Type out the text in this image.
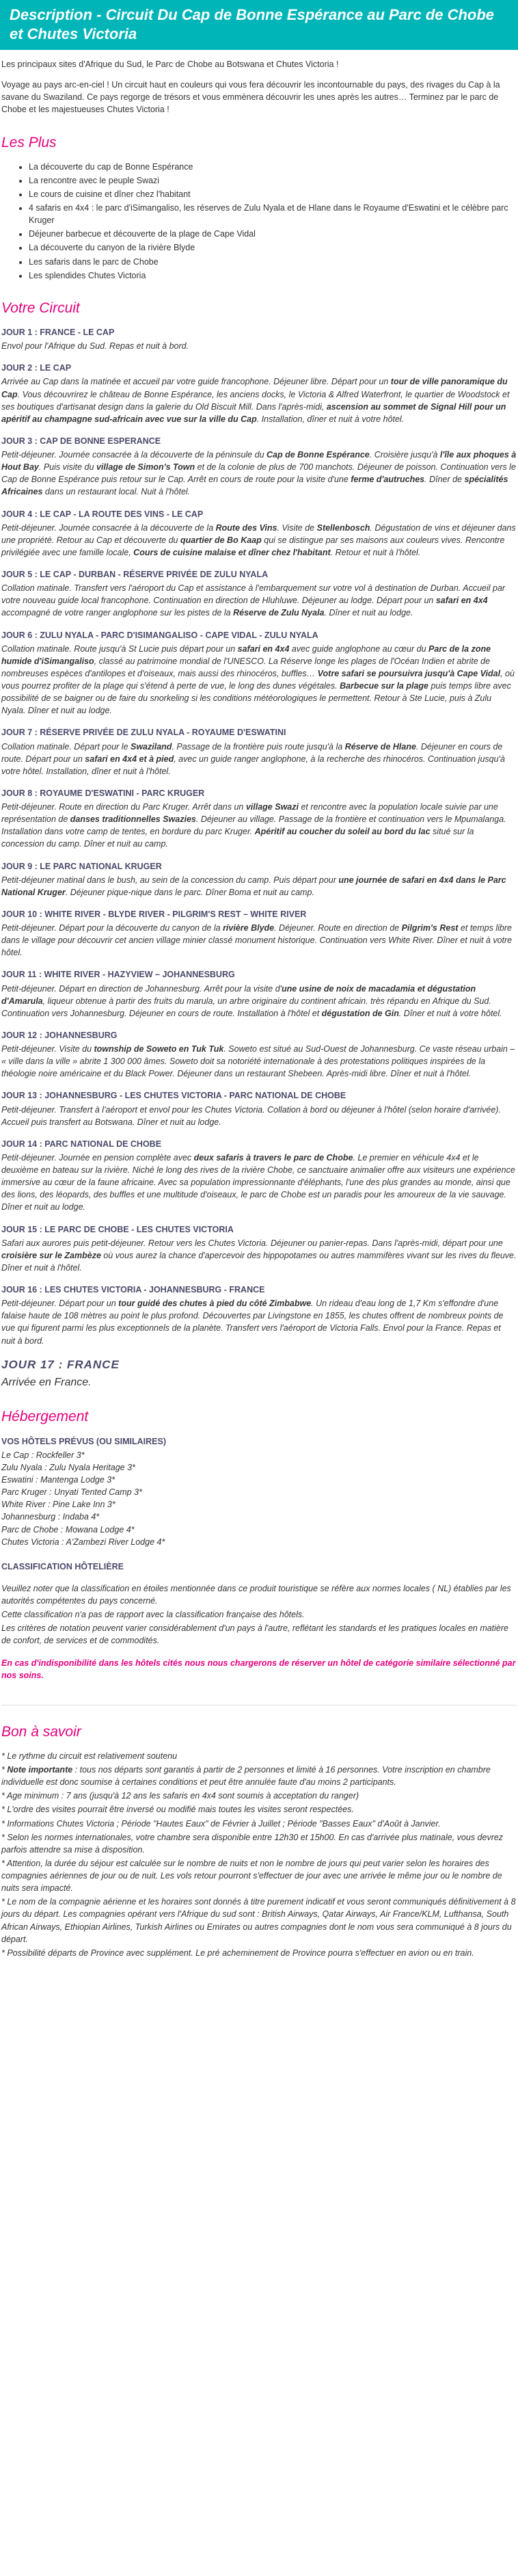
Description - Circuit Du Cap de Bonne Espérance au Parc de Chobe et Chutes Victoria

Les principaux sites d'Afrique du Sud, le Parc de Chobe au Botswana et Chutes Victoria !

Voyage au pays arc-en-ciel ! Un circuit haut en couleurs qui vous fera découvrir les incontournable du pays, des rivages du Cap à la savane du Swaziland. Ce pays regorge de trésors et vous emmènera découvrir les unes après les autres… Terminez par le parc de Chobe et les majestueuses Chutes Victoria !

Les Plus
• La découverte du cap de Bonne Espérance
• La rencontre avec le peuple Swazi
• Le cours de cuisine et dîner chez l'habitant
• 4 safaris en 4x4 : le parc d'iSimangaliso, les réserves de Zulu Nyala et de Hlane dans le Royaume d'Eswatini et le célèbre parc Kruger
• Déjeuner barbecue et découverte de la plage de Cape Vidal
• La découverte du canyon de la rivière Blyde
• Les safaris dans le parc de Chobe
• Les splendides Chutes Victoria
Votre Circuit
JOUR 1 : FRANCE - LE CAP
Envol pour l'Afrique du Sud. Repas et nuit à bord.
JOUR 2 : LE CAP
Arrivée au Cap dans la matinée et accueil par votre guide francophone. Déjeuner libre. Départ pour un tour de ville panoramique du Cap. Vous découvrirez le château de Bonne Espérance, les anciens docks, le Victoria & Alfred Waterfront, le quartier de Woodstock et ses boutiques d'artisanat design dans la galerie du Old Biscuit Mill. Dans l'après-midi, ascension au sommet de Signal Hill pour un apéritif au champagne sud-africain avec vue sur la ville du Cap. Installation, dîner et nuit à votre hôtel.
JOUR 3 : CAP DE BONNE ESPERANCE
Petit-déjeuner. Journée consacrée à la découverte de la péninsule du Cap de Bonne Espérance. Croisière jusqu'à l'île aux phoques à Hout Bay. Puis visite du village de Simon's Town et de la colonie de plus de 700 manchots. Déjeuner de poisson. Continuation vers le Cap de Bonne Espérance puis retour sur le Cap. Arrêt en cours de route pour la visite d'une ferme d'autruches. Dîner de spécialités Africaines dans un restaurant local. Nuit à l'hôtel.
JOUR 4 : LE CAP - LA ROUTE DES VINS - LE CAP
Petit-déjeuner. Journée consacrée à la découverte de la Route des Vins. Visite de Stellenbosch. Dégustation de vins et déjeuner dans une propriété. Retour au Cap et découverte du quartier de Bo Kaap qui se distingue par ses maisons aux couleurs vives. Rencontre privilégiée avec une famille locale, Cours de cuisine malaise et dîner chez l'habitant. Retour et nuit à l'hôtel.
JOUR 5 : LE CAP - DURBAN - RÉSERVE PRIVÉE DE ZULU NYALA
Collation matinale. Transfert vers l'aéroport du Cap et assistance à l'embarquement sur votre vol à destination de Durban. Accueil par votre nouveau guide local francophone. Continuation en direction de Hluhluwe. Déjeuner au lodge. Départ pour un safari en 4x4 accompagné de votre ranger anglophone sur les pistes de la Réserve de Zulu Nyala. Dîner et nuit au lodge.
JOUR 6 : ZULU NYALA - PARC D'ISIMANGALISO - CAPE VIDAL - ZULU NYALA
Collation matinale. Route jusqu'à St Lucie puis départ pour un safari en 4x4 avec guide anglophone au cœur du Parc de la zone humide d'iSimangaliso, classé au patrimoine mondial de l'UNESCO. La Réserve longe les plages de l'Océan Indien et abrite de nombreuses espèces d'antilopes et d'oiseaux, mais aussi des rhinocéros, buffles… Votre safari se poursuivra jusqu'à Cape Vidal, où vous pourrez profiter de la plage qui s'étend à perte de vue, le long des dunes végétales. Barbecue sur la plage puis temps libre avec possibilité de se baigner ou de faire du snorkeling si les conditions météorologiques le permettent. Retour à Ste Lucie, puis à Zulu Nyala. Dîner et nuit au lodge.
JOUR 7 : RÉSERVE PRIVÉE DE ZULU NYALA - ROYAUME D'ESWATINI
Collation matinale. Départ pour le Swaziland. Passage de la frontière puis route jusqu'à la Réserve de Hlane. Déjeuner en cours de route. Départ pour un safari en 4x4 et à pied, avec un guide ranger anglophone, à la recherche des rhinocéros. Continuation jusqu'à votre hôtel. Installation, dîner et nuit à l'hôtel.
JOUR 8 : ROYAUME D'ESWATINI - PARC KRUGER
Petit-déjeuner. Route en direction du Parc Kruger. Arrêt dans un village Swazi et rencontre avec la population locale suivie par une représentation de danses traditionnelles Swazies. Déjeuner au village. Passage de la frontière et continuation vers le Mpumalanga. Installation dans votre camp de tentes, en bordure du parc Kruger. Apéritif au coucher du soleil au bord du lac situé sur la concession du camp. Dîner et nuit au camp.
JOUR 9 : LE PARC NATIONAL KRUGER
Petit-déjeuner matinal dans le bush, au sein de la concession du camp. Puis départ pour une journée de safari en 4x4 dans le Parc National Kruger. Déjeuner pique-nique dans le parc. Dîner Boma et nuit au camp.
JOUR 10 : WHITE RIVER - BLYDE RIVER - PILGRIM'S REST – WHITE RIVER
Petit-déjeuner. Départ pour la découverte du canyon de la rivière Blyde. Déjeuner. Route en direction de Pilgrim's Rest et temps libre dans le village pour découvrir cet ancien village minier classé monument historique. Continuation vers White River. Dîner et nuit à votre hôtel.
JOUR 11 : WHITE RIVER - HAZYVIEW – JOHANNESBURG
Petit-déjeuner. Départ en direction de Johannesburg. Arrêt pour la visite d'une usine de noix de macadamia et dégustation d'Amarula, liqueur obtenue à partir des fruits du marula, un arbre originaire du continent africain. très répandu en Afrique du Sud. Continuation vers Johannesburg. Déjeuner en cours de route. Installation à l'hôtel et dégustation de Gin. Dîner et nuit à votre hôtel.
JOUR 12 : JOHANNESBURG
Petit-déjeuner. Visite du township de Soweto en Tuk Tuk. Soweto est situé au Sud-Ouest de Johannesburg. Ce vaste réseau urbain – « ville dans la ville » abrite 1 300 000 âmes. Soweto doit sa notoriété internationale à des protestations politiques inspirées de la théologie noire américaine et du Black Power. Déjeuner dans un restaurant Shebeen. Après-midi libre. Dîner et nuit à l'hôtel.
JOUR 13 : JOHANNESBURG - LES CHUTES VICTORIA - PARC NATIONAL DE CHOBE
Petit-déjeuner. Transfert à l'aéroport et envol pour les Chutes Victoria. Collation à bord ou déjeuner à l'hôtel (selon horaire d'arrivée). Accueil puis transfert au Botswana. Dîner et nuit au lodge.
JOUR 14 : PARC NATIONAL DE CHOBE
Petit-déjeuner. Journée en pension complète avec deux safaris à travers le parc de Chobe. Le premier en véhicule 4x4 et le deuxième en bateau sur la rivière. Niché le long des rives de la rivière Chobe, ce sanctuaire animalier offre aux visiteurs une expérience immersive au cœur de la faune africaine. Avec sa population impressionnante d'éléphants, l'une des plus grandes au monde, ainsi que des lions, des léopards, des buffles et une multitude d'oiseaux, le parc de Chobe est un paradis pour les amoureux de la vie sauvage. Dîner et nuit au lodge.
JOUR 15 : LE PARC DE CHOBE - LES CHUTES VICTORIA
Safari aux aurores puis petit-déjeuner. Retour vers les Chutes Victoria. Déjeuner ou panier-repas. Dans l'après-midi, départ pour une croisière sur le Zambèze où vous aurez la chance d'apercevoir des hippopotames ou autres mammifères vivant sur les rives du fleuve. Dîner et nuit à l'hôtel.
JOUR 16 : LES CHUTES VICTORIA - JOHANNESBURG - FRANCE
Petit-déjeuner. Départ pour un tour guidé des chutes à pied du côté Zimbabwe. Un rideau d'eau long de 1,7 Km s'effondre d'une falaise haute de 108 mètres au point le plus profond. Découvertes par Livingstone en 1855, les chutes offrent de nombreux points de vue qui figurent parmi les plus exceptionnels de la planète. Transfert vers l'aéroport de Victoria Falls. Envol pour la France. Repas et nuit à bord.
JOUR 17 : FRANCE
Arrivée en France.
Hébergement
VOS HÔTELS PRÉVUS (OU SIMILAIRES)
Le Cap : Rockfeller 3*
Zulu Nyala : Zulu Nyala Heritage 3*
Eswatini : Mantenga Lodge 3*
Parc Kruger : Unyati Tented Camp 3*
White River : Pine Lake Inn 3*
Johannesburg : Indaba 4*
Parc de Chobe : Mowana Lodge 4*
Chutes Victoria : A'Zambezi River Lodge 4*
CLASSIFICATION HÔTELIÈRE
Veuillez noter que la classification en étoiles mentionnée dans ce produit touristique se réfère aux normes locales ( NL) établies par les autorités compétentes du pays concerné.
Cette classification n'a pas de rapport avec la classification française des hôtels.
Les critères de notation peuvent varier considérablement d'un pays à l'autre, reflétant les standards et les pratiques locales en matière de confort, de services et de commodités.
En cas d'indisponibilité dans les hôtels cités nous nous chargerons de réserver un hôtel de catégorie similaire sélectionné par nos soins.
Bon à savoir
* Le rythme du circuit est relativement soutenu
* Note importante : tous nos départs sont garantis à partir de 2 personnes et limité à 16 personnes. Votre inscription en chambre individuelle est donc soumise à certaines conditions et peut être annulée faute d'au moins 2 participants.
* Age minimum : 7 ans (jusqu'à 12 ans les safaris en 4x4 sont soumis à acceptation du ranger)
* L'ordre des visites pourrait être inversé ou modifié mais toutes les visites seront respectées.
* Informations Chutes Victoria ; Période "Hautes Eaux" de Février à Juillet ; Période "Basses Eaux" d'Août à Janvier.
* Selon les normes internationales, votre chambre sera disponible entre 12h30 et 15h00. En cas d'arrivée plus matinale, vous devrez parfois attendre sa mise à disposition.
* Attention, la durée du séjour est calculée sur le nombre de nuits et non le nombre de jours qui peut varier selon les horaires des compagnies aériennes de jour ou de nuit. Les vols retour pourront s'effectuer de jour avec une arrivée le même jour ou le nombre de nuits sera impacté.
* Le nom de la compagnie aérienne et les horaires sont donnés à titre purement indicatif et vous seront communiqués définitivement à 8 jours du départ. Les compagnies opérant vers l'Afrique du sud sont : British Airways, Qatar Airways, Air France/KLM, Lufthansa, South African Airways, Ethiopian Airlines, Turkish Airlines ou Emirates ou autres compagnies dont le nom vous sera communiqué à 8 jours du départ.
* Possibilité départs de Province avec supplément. Le pré acheminement de Province pourra s'effectuer en avion ou en train.
